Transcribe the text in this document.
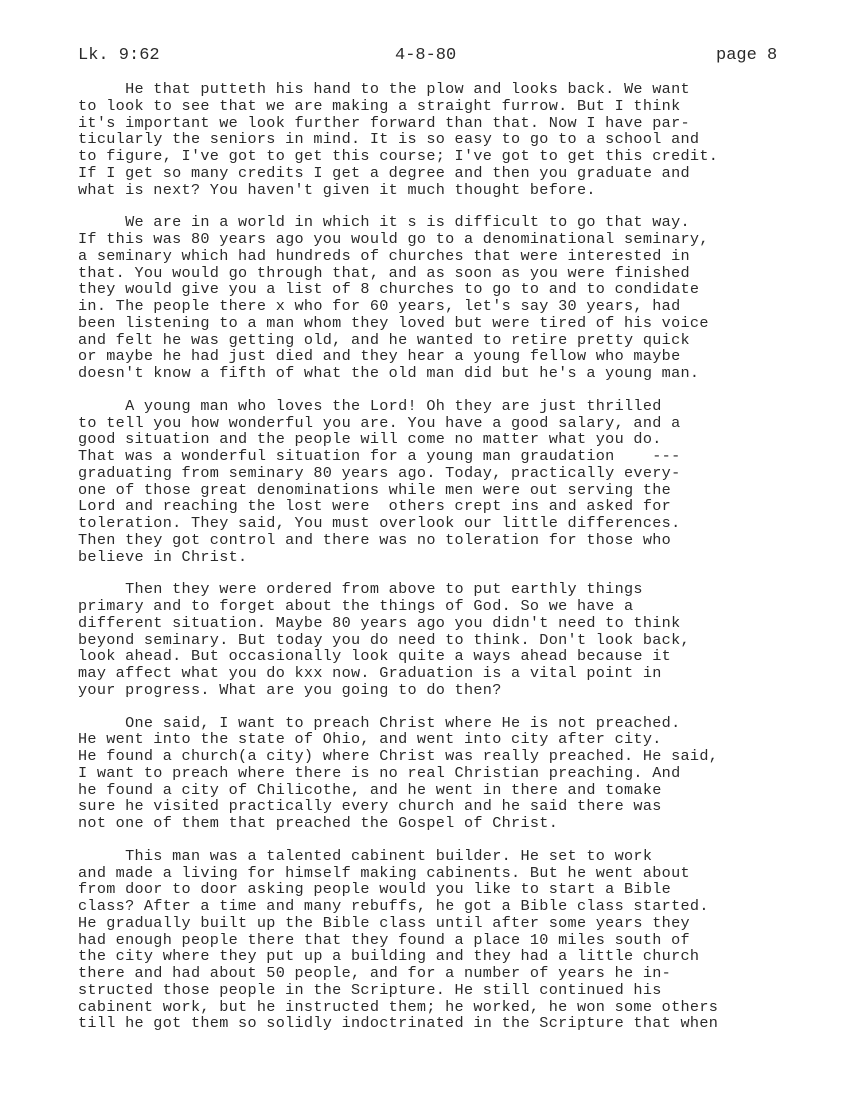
Lk. 9:62	4-8-80	page 8
He that putteth his hand to the plow and looks back. We want
to look to see that we are making a straight furrow. But I think
it's important we look further forward than that. Now I have par-
ticularly the seniors in mind. It is so easy to go to a school and
to figure, I've got to get this course; I've got to get this credit.
If I get so many credits I get a degree and then you graduate and
what is next? You haven't given it much thought before.
We are in a world in which it s is difficult to go that way.
If this was 80 years ago you would go to a denominational seminary,
a seminary which had hundreds of churches that were interested in
that. You would go through that, and as soon as you were finished
they would give you a list of 8 churches to go to and to condidate
in. The people there x who for 60 years, let's say 30 years, had
been listening to a man whom they loved but were tired of his voice
and felt he was getting old, and he wanted to retire pretty quick
or maybe he had just died and they hear a young fellow who maybe
doesn't know a fifth of what the old man did but he's a young man.
A young man who loves the Lord! Oh they are just thrilled
to tell you how wonderful you are. You have a good salary, and a
good situation and the people will come no matter what you do.
That was a wonderful situation for a young man graudation    ---
graduating from seminary 80 years ago. Today, practically every-
one of those great denominations while men were out serving the
Lord and reaching the lost were  others crept ins and asked for
toleration. They said, You must overlook our little differences.
Then they got control and there was no toleration for those who
believe in Christ.
Then they were ordered from above to put earthly things
primary and to forget about the things of God. So we have a
different situation. Maybe 80 years ago you didn't need to think
beyond seminary. But today you do need to think. Don't look back,
look ahead. But occasionally look quite a ways ahead because it
may affect what you do kxx now. Graduation is a vital point in
your progress. What are you going to do then?
One said, I want to preach Christ where He is not preached.
He went into the state of Ohio, and went into city after city.
He found a church(a city) where Christ was really preached. He said,
I want to preach where there is no real Christian preaching. And
he found a city of Chilicothe, and he went in there and tomake
sure he visited practically every church and he said there was
not one of them that preached the Gospel of Christ.
This man was a talented cabinent builder. He set to work
and made a living for himself making cabinents. But he went about
from door to door asking people would you like to start a Bible
class? After a time and many rebuffs, he got a Bible class started.
He gradually built up the Bible class until after some years they
had enough people there that they found a place 10 miles south of
the city where they put up a building and they had a little church
there and had about 50 people, and for a number of years he in-
structed those people in the Scripture. He still continued his
cabinent work, but he instructed them; he worked, he won some others
till he got them so solidly indoctrinated in the Scripture that when
